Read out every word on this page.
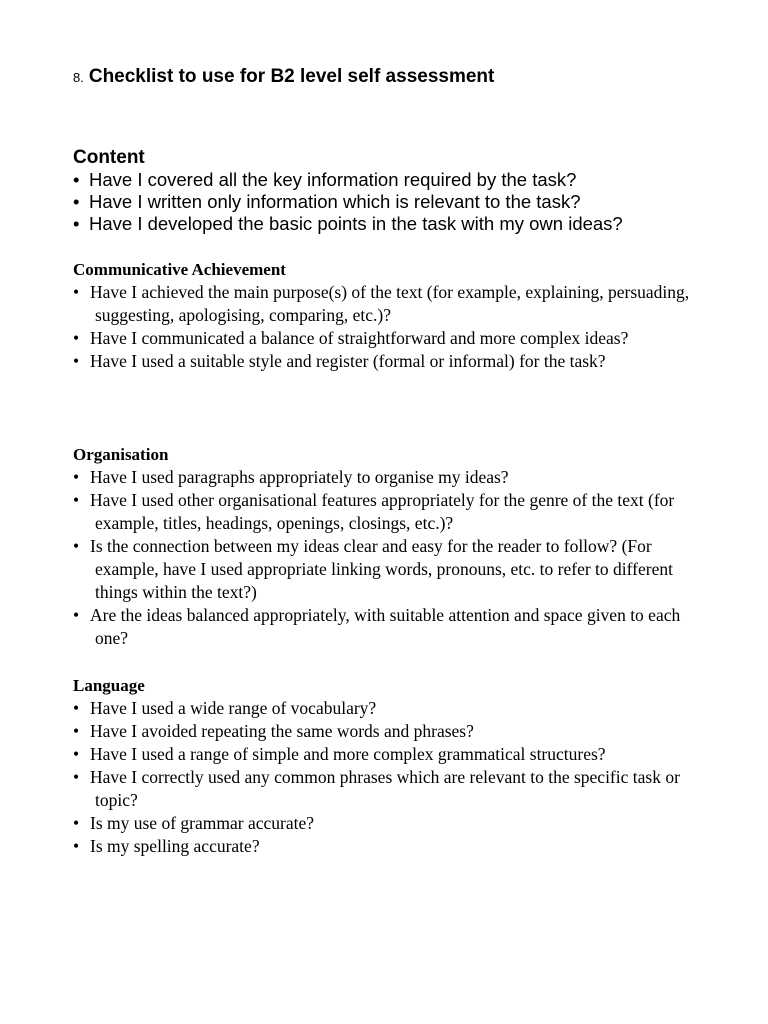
8. Checklist to use for B2 level self assessment
Content
• Have I covered all the key information required by the task?
• Have I written only information which is relevant to the task?
• Have I developed the basic points in the task with my own ideas?
Communicative Achievement
• Have I achieved the main purpose(s) of the text (for example, explaining, persuading, suggesting, apologising, comparing, etc.)?
• Have I communicated a balance of straightforward and more complex ideas?
• Have I used a suitable style and register (formal or informal) for the task?
Organisation
• Have I used paragraphs appropriately to organise my ideas?
• Have I used other organisational features appropriately for the genre of the text (for example, titles, headings, openings, closings, etc.)?
• Is the connection between my ideas clear and easy for the reader to follow? (For example, have I used appropriate linking words, pronouns, etc. to refer to different things within the text?)
• Are the ideas balanced appropriately, with suitable attention and space given to each one?
Language
• Have I used a wide range of vocabulary?
• Have I avoided repeating the same words and phrases?
• Have I used a range of simple and more complex grammatical structures?
• Have I correctly used any common phrases which are relevant to the specific task or topic?
• Is my use of grammar accurate?
• Is my spelling accurate?
